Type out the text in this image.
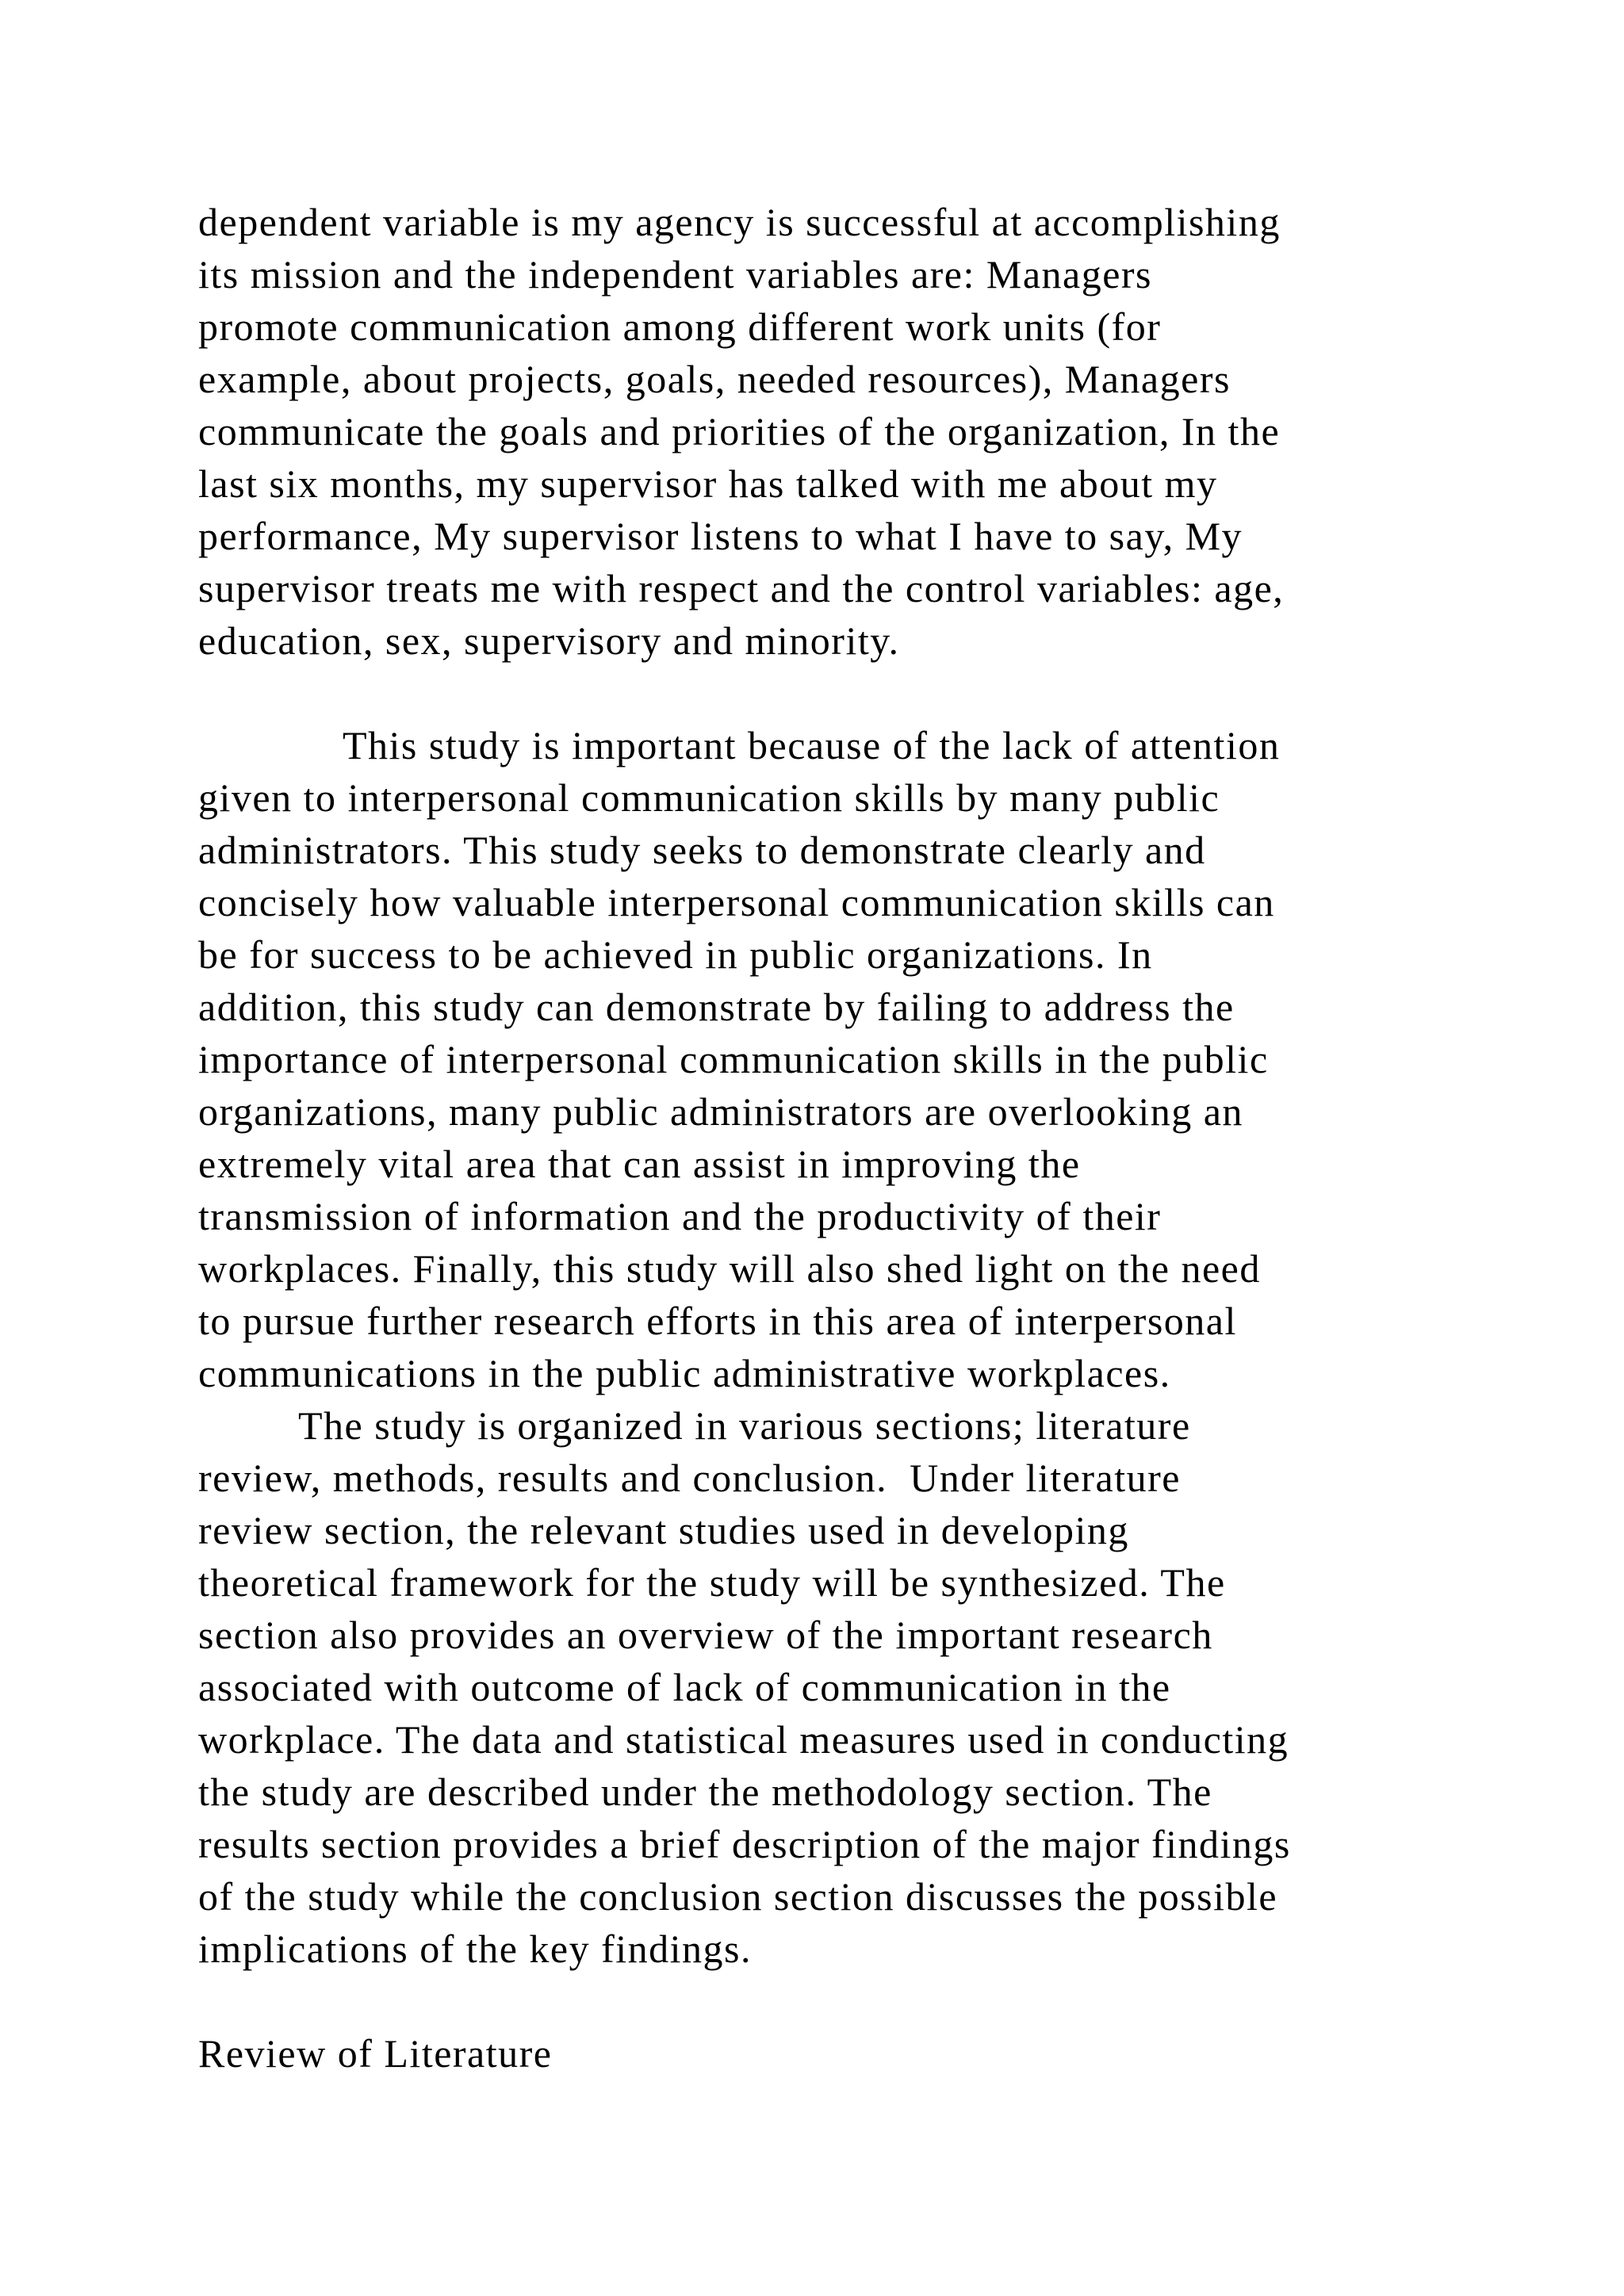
dependent variable is my agency is successful at accomplishing
its mission and the independent variables are: Managers
promote communication among different work units (for
example, about projects, goals, needed resources), Managers
communicate the goals and priorities of the organization, In the
last six months, my supervisor has talked with me about my
performance, My supervisor listens to what I have to say, My
supervisor treats me with respect and the control variables: age,
education, sex, supervisory and minority.
This study is important because of the lack of attention
given to interpersonal communication skills by many public
administrators. This study seeks to demonstrate clearly and
concisely how valuable interpersonal communication skills can
be for success to be achieved in public organizations. In
addition, this study can demonstrate by failing to address the
importance of interpersonal communication skills in the public
organizations, many public administrators are overlooking an
extremely vital area that can assist in improving the
transmission of information and the productivity of their
workplaces. Finally, this study will also shed light on the need
to pursue further research efforts in this area of interpersonal
communications in the public administrative workplaces.
The study is organized in various sections; literature
review, methods, results and conclusion.  Under literature
review section, the relevant studies used in developing
theoretical framework for the study will be synthesized. The
section also provides an overview of the important research
associated with outcome of lack of communication in the
workplace. The data and statistical measures used in conducting
the study are described under the methodology section. The
results section provides a brief description of the major findings
of the study while the conclusion section discusses the possible
implications of the key findings.
Review of Literature
